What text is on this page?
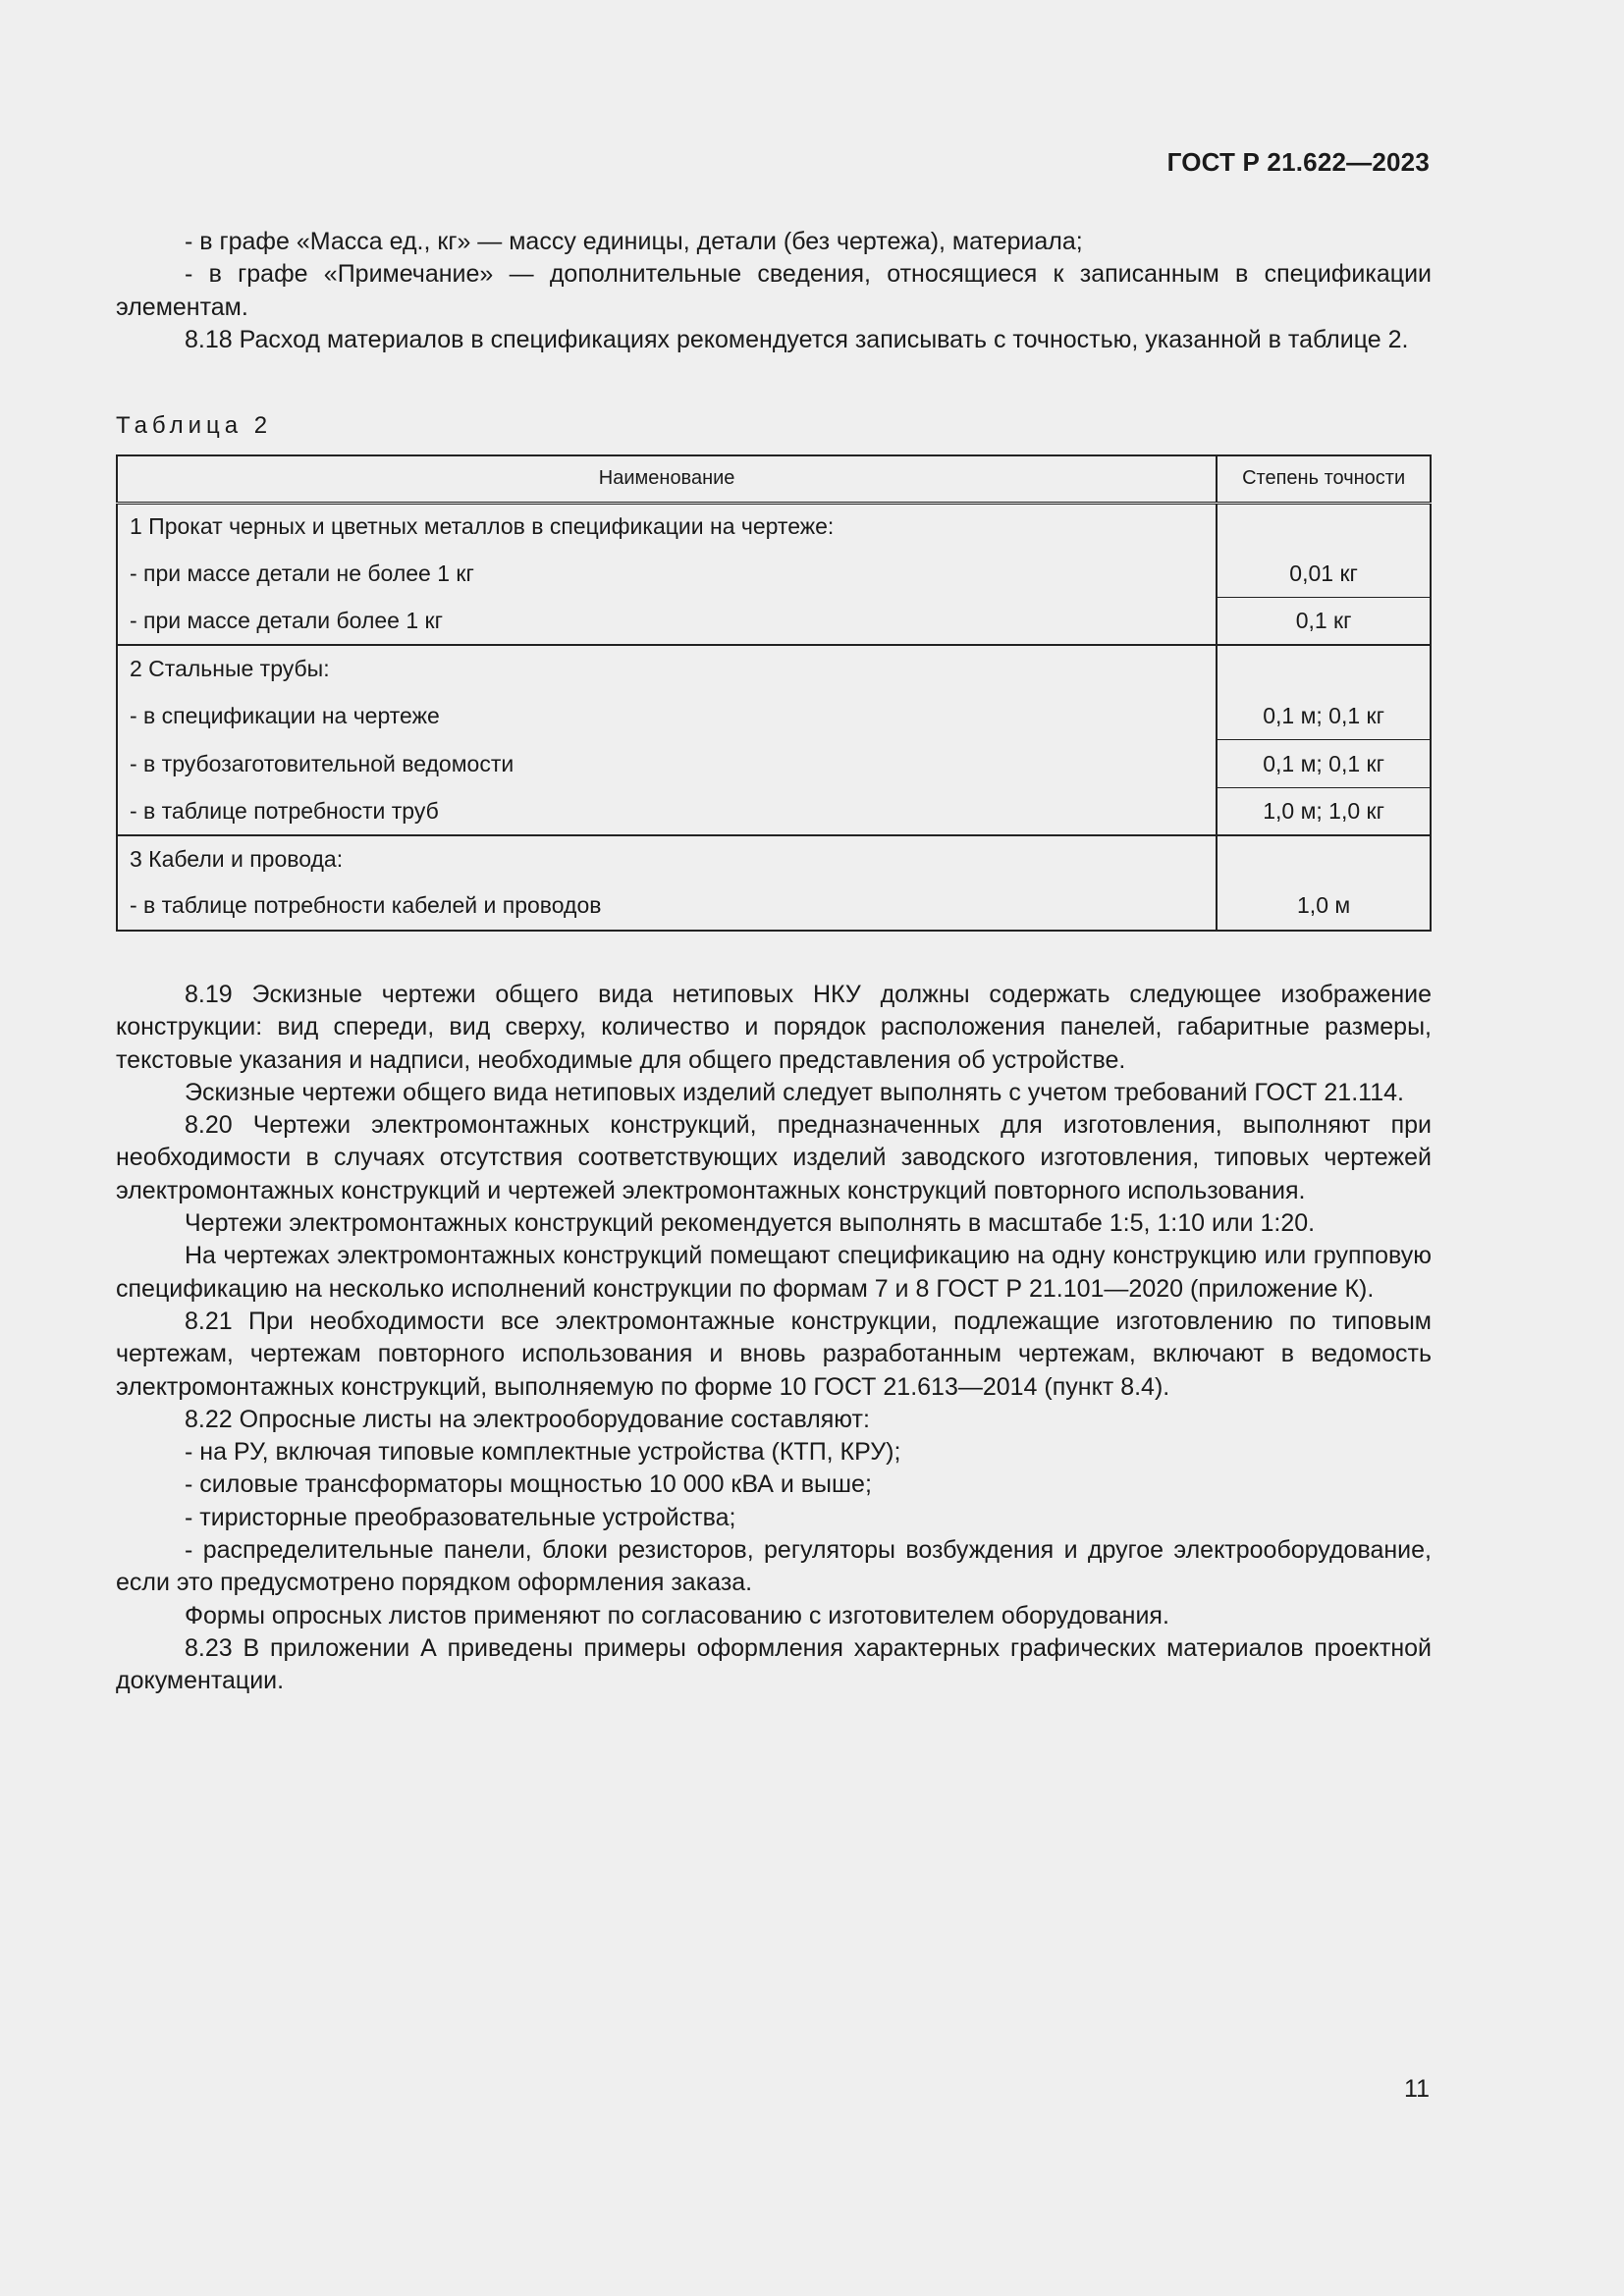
ГОСТ Р 21.622—2023

- в графе «Масса ед., кг» — массу единицы, детали (без чертежа), материала;

- в графе «Примечание» — дополнительные сведения, относящиеся к записанным в спецификации элементам.

8.18 Расход материалов в спецификациях рекомендуется записывать с точностью, указанной в таблице 2.

Таблица 2
Наименование	Степень точности
1 Прокат черных и цветных металлов в спецификации на чертеже:	
- при массе детали не более 1 кг	0,01 кг
- при массе детали более 1 кг	0,1 кг
2 Стальные трубы:	
- в спецификации на чертеже	0,1 м; 0,1 кг
- в трубозаготовительной ведомости	0,1 м; 0,1 кг
- в таблице потребности труб	1,0 м; 1,0 кг
3 Кабели и провода:	
- в таблице потребности кабелей и проводов	1,0 м

8.19 Эскизные чертежи общего вида нетиповых НКУ должны содержать следующее изображение конструкции: вид спереди, вид сверху, количество и порядок расположения панелей, габаритные размеры, текстовые указания и надписи, необходимые для общего представления об устройстве.

Эскизные чертежи общего вида нетиповых изделий следует выполнять с учетом требований ГОСТ 21.114.

8.20 Чертежи электромонтажных конструкций, предназначенных для изготовления, выполняют при необходимости в случаях отсутствия соответствующих изделий заводского изготовления, типовых чертежей электромонтажных конструкций и чертежей электромонтажных конструкций повторного использования.

Чертежи электромонтажных конструкций рекомендуется выполнять в масштабе 1:5, 1:10 или 1:20.

На чертежах электромонтажных конструкций помещают спецификацию на одну конструкцию или групповую спецификацию на несколько исполнений конструкции по формам 7 и 8 ГОСТ Р 21.101—2020 (приложение К).

8.21 При необходимости все электромонтажные конструкции, подлежащие изготовлению по типовым чертежам, чертежам повторного использования и вновь разработанным чертежам, включают в ведомость электромонтажных конструкций, выполняемую по форме 10 ГОСТ 21.613—2014 (пункт 8.4).

8.22 Опросные листы на электрооборудование составляют:

- на РУ, включая типовые комплектные устройства (КТП, КРУ);

- силовые трансформаторы мощностью 10 000 кВА и выше;

- тиристорные преобразовательные устройства;

- распределительные панели, блоки резисторов, регуляторы возбуждения и другое электрооборудование, если это предусмотрено порядком оформления заказа.

Формы опросных листов применяют по согласованию с изготовителем оборудования.

8.23 В приложении А приведены примеры оформления характерных графических материалов проектной документации.

11
